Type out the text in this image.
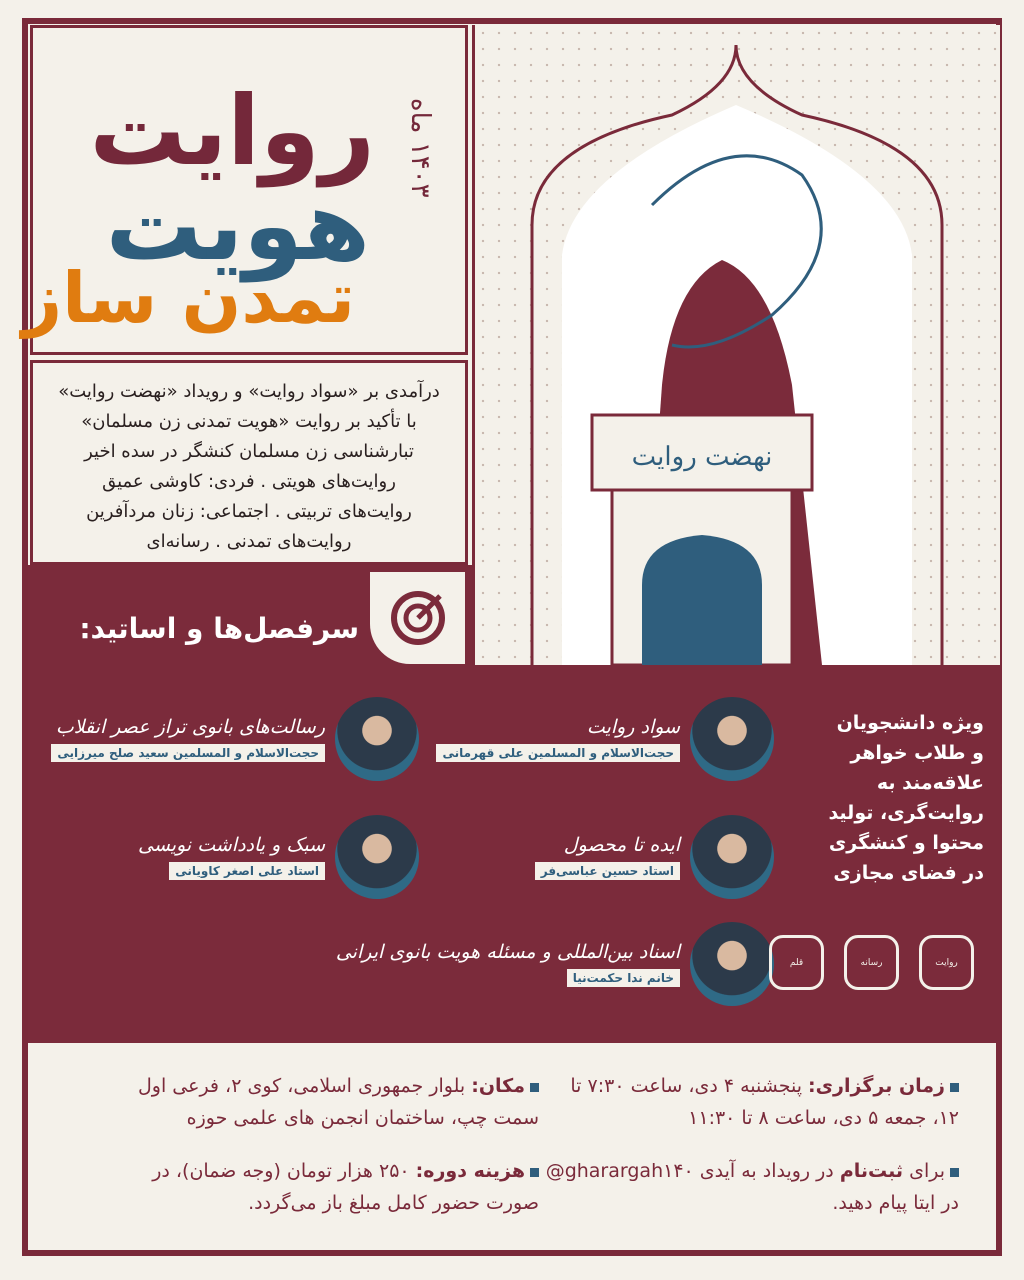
روایت
هویت
تمدن ساز
۱۴۰۳ ماه
درآمدی بر «سواد روایت» و رویداد «نهضت روایت»
با تأکید بر روایت «هویت تمدنی زن مسلمان»
تبارشناسی زن مسلمان کنشگر در سده اخیر
روایت‌های هویتی . فردی: کاوشی عمیق
روایت‌های تربیتی . اجتماعی: زنان مردآفرین
روایت‌های تمدنی . رسانه‌ای
نهضت روایت
سرفصل‌ها و اساتید:
سواد روایت
حجت‌الاسلام و المسلمین علی قهرمانی
رسالت‌های بانوی تراز عصر انقلاب
حجت‌الاسلام و المسلمین سعید صلح میرزایی
ایده تا محصول
استاد حسین عباسی‌فر
سبک و یادداشت نویسی
استاد علی اصغر کاویانی
اسناد بین‌المللی و مسئله هویت بانوی ایرانی
خانم ندا حکمت‌نیا
ویژه دانشجویان
و طلاب خواهر
علاقه‌مند به
روایت‌گری، تولید
محتوا و کنشگری
در فضای مجازی
روایت
رسانه
قلم
زمان برگزاری: پنجشنبه ۴ دی، ساعت ۷:۳۰ تا ۱۲، جمعه ۵ دی، ساعت ۸ تا ۱۱:۳۰
مکان: بلوار جمهوری اسلامی، کوی ۲، فرعی اول سمت چپ، ساختمان انجمن های علمی حوزه
برای ثبت‌نام در رویداد به آیدی gharargah۱۴۰@ در ایتا پیام دهید.
هزینه دوره: ۲۵۰ هزار تومان (وجه ضمان)، در صورت حضور کامل مبلغ باز می‌گردد.
